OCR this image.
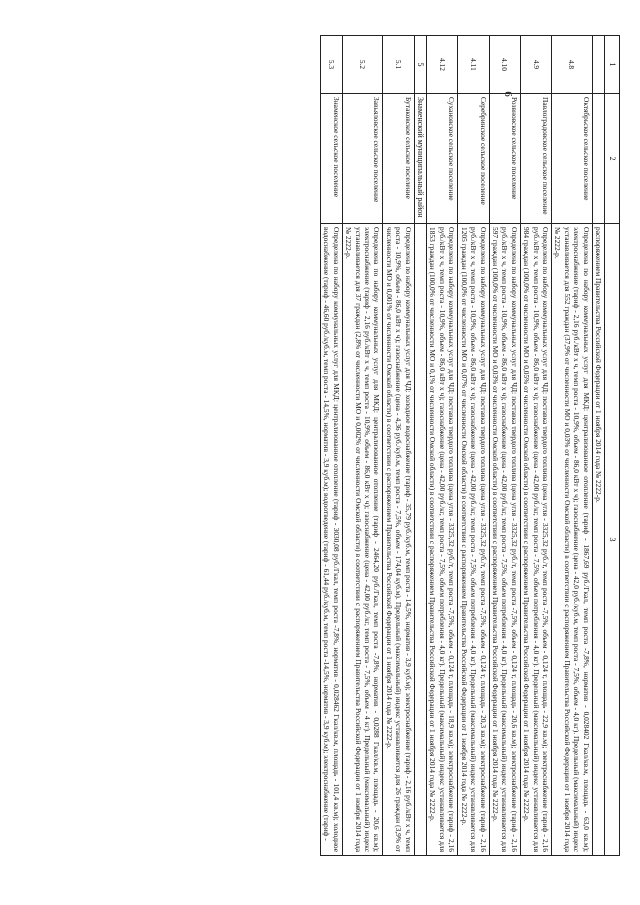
6
1	2	3
		распоряжением Правительства Российской Федерации от 1 ноября 2014 года № 2222-р.
4.8	Октябрьское сельское поселение	Определена по набору коммунальных услуг для МКД: централизованное отопление (тариф - 1867,69 руб./Гкал, темп роста -7,8%, норматив - 0,028402 Гкал/кв.м, площадь - 63,0 кв.м); электроснабжение (тариф - 2,16 руб./кВт х ч, темп роста - 10,9%, объем - 86,0 кВт х ч); газоснабжение (цена - 42,0 руб./куб.м, темп роста - 7,5%, объем - 4,0 кг). Предельный (максимальный) индекс устанавливается для 552 граждан (37,9% от численности МО и 0,03% от численности Омской области) в соответствии с распоряжением Правительства Российской Федерации от 1 ноября 2014 года № 2222-р.
4.9	Павлоградовское сельское поселение	Определена по набору коммунальных услуг для ЧД: поставка твердого топлива (цена угля - 3325,32 руб./т, темп роста -7,5%, объем - 0,124 т, площадь - 22,9 кв.м); электроснабжение (тариф - 2,16 руб./кВт х ч, темп роста - 10,9%, объем - 86,0 кВт х ч); газоснабжение (цена - 42,00 руб./кг, темп роста - 7,5%, объем потребления - 4,0 кг). Предельный (максимальный) индекс устанавливается для 984 граждан (100,0% от численности МО и 0,05% от численности Омской области) в соответствии с распоряжением Правительства Российской Федерации от 1 ноября 2014 года № 2222-р.
4.10	Розвновское сельское поселение	Определена по набору коммунальных услуг для ЧД: поставка твердого топлива (цена угля - 3325,32 руб./т, темп роста -7,5%, объем - 0,124 т, площадь - 20,6 кв.м); электроснабжение (тариф - 2,16 руб./кВт х ч, темп роста - 10,9%, объем - 86,0 кВт х ч); газоснабжение (цена - 42,00 руб./кг, темп роста - 7,5%, объем потребления - 4,0 кг). Предельный (максимальный) индекс устанавливается для 597 граждан (100,0% от численности МО и 0,03% от численности Омской области) в соответствии с распоряжением Правительства Российской Федерации от 1 ноября 2014 года № 2222-р.
4.11	Серебринское сельское поселение	Определена по набору коммунальных услуг для ЧД: поставка твердого топлива (цена угля - 3325,32 руб./т, темп роста -7,5%, объем - 0,124 т, площадь - 20,3 кв.м); электроснабжение (тариф - 2,16 руб./кВт х ч, темп роста - 10,9%, объем - 86,0 кВт х ч); газоснабжение (цена - 42,00 руб./кг, темп роста - 7,5%, объем потребления - 4,0 кг). Предельный (максимальный) индекс устанавливается для 1205 граждан (100,0% от численности МО и 0,07% от численности Омской области) в соответствии с распоряжением Правительства Российской Федерации от 1 ноября 2014 года № 2222-р.
4.12	Сухановское сельское поселение	Определена по набору коммунальных услуг для ЧД: поставка твердого топлива (цена угля - 3325,32 руб./т, темп роста -7,5%, объем - 0,124 т, площадь - 18,9 кв.м); электроснабжение (тариф - 2,16 руб./кВт х ч, темп роста - 10,9%, объем - 86,0 кВт х ч); газоснабжение (цена - 42,00 руб./кг, темп роста - 7,5%, объем потребления - 4,0 кг). Предельный (максимальный) индекс устанавливается для 1853 граждан (100,0% от численности МО и 0,1% от численности Омской области) в соответствии с распоряжением Правительства Российской Федерации от 1 ноября 2014 года № 2222-р.
5	Знаменский муниципальный район	
5.1	Бутаковское сельское поселение	Определена по набору коммунальных услуг для ЧД: холодное водоснабжение (тариф - 35,79 руб./куб.м, темп роста - 14,5%, норматив - 3,9 куб.м); электроснабжение (тариф - 2,16 руб./кВт х ч, темп роста - 10,9%, объем - 86,0 кВт х ч); газоснабжение (цена - 4,36 руб./куб.м, темп роста - 7,5%, объем - 174,04 куб.м). Предельный (максимальный) индекс устанавливается для 26 граждан (3,9% от численности МО и 0,001% от численности Омской области) в соответствии с распоряжением Правительства Российской Федерации от 1 ноября 2014 года № 2222-р.
5.2	Завьяловское сельское поселение	Определена по набору коммунальных услуг для МКД: централизованное отопление (тариф - 2464,20 руб./Гкал, темп роста -7,8%, норматив - 0,0288 Гкал/кв.м, площадь - 20,6 кв.м); электроснабжение (тариф - 2,16 руб./кВт х ч, темп роста - 10,9%, объем - 86,0 кВт х ч); газоснабжение (цена - 42,00 руб./кг, темп роста - 7,5%, объем - 4 кг). Предельный (максимальный) индекс устанавливается для 37 граждан (2,8% от численности МО и 0,002% от численности Омской области) в соответствии с распоряжением Правительства Российской Федерации от 1 ноября 2014 года № 2222-р.
5.3	Знаменское сельское поселение	Определена по набору коммунальных услуг для МКД: централизованное отопление (тариф - 3030,08 руб./Гкал, темп роста -7,8%, норматив - 0,028462 Гкал/кв.м, площадь - 101,4 кв.м); холодное водоснабжение (тариф - 46,60 руб./куб.м, темп роста - 14,5%, норматив - 3,9 куб.м); водоотведение (тариф - 61,44 руб./куб.м, темп роста -14,5%, норматив - 3,9 куб.м); электроснабжение (тариф -
